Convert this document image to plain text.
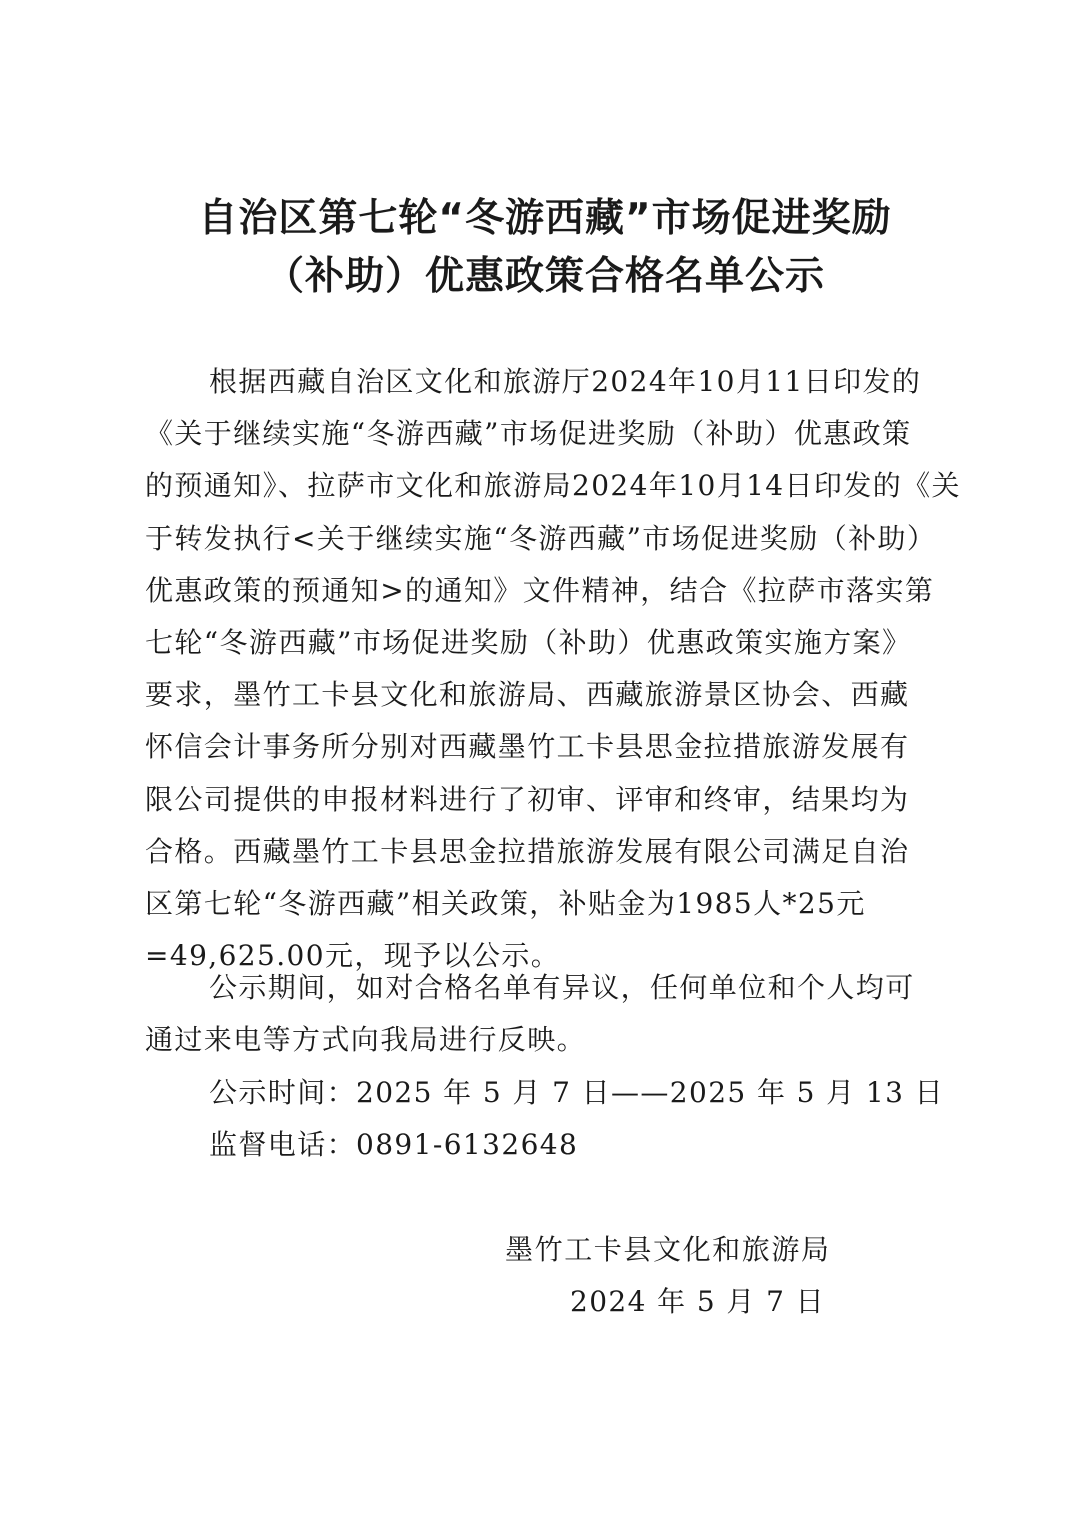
自治区第七轮“冬游西藏”市场促进奖励
（补助）优惠政策合格名单公示
根据西藏自治区文化和旅游厅2024年10月11日印发的
《关于继续实施“冬游西藏”市场促进奖励（补助）优惠政策
的预通知》、拉萨市文化和旅游局2024年10月14日印发的《关
于转发执行<关于继续实施“冬游西藏”市场促进奖励（补助）
优惠政策的预通知>的通知》文件精神，结合《拉萨市落实第
七轮“冬游西藏”市场促进奖励（补助）优惠政策实施方案》
要求，墨竹工卡县文化和旅游局、西藏旅游景区协会、西藏
怀信会计事务所分别对西藏墨竹工卡县思金拉措旅游发展有
限公司提供的申报材料进行了初审、评审和终审，结果均为
合格。西藏墨竹工卡县思金拉措旅游发展有限公司满足自治
区第七轮“冬游西藏”相关政策，补贴金为1985人*25元
=49,625.00元，现予以公示。
公示期间，如对合格名单有异议，任何单位和个人均可
通过来电等方式向我局进行反映。
公示时间：2025 年 5 月 7 日——2025 年 5 月 13 日
监督电话：0891-6132648
墨竹工卡县文化和旅游局
2024 年 5 月 7 日
